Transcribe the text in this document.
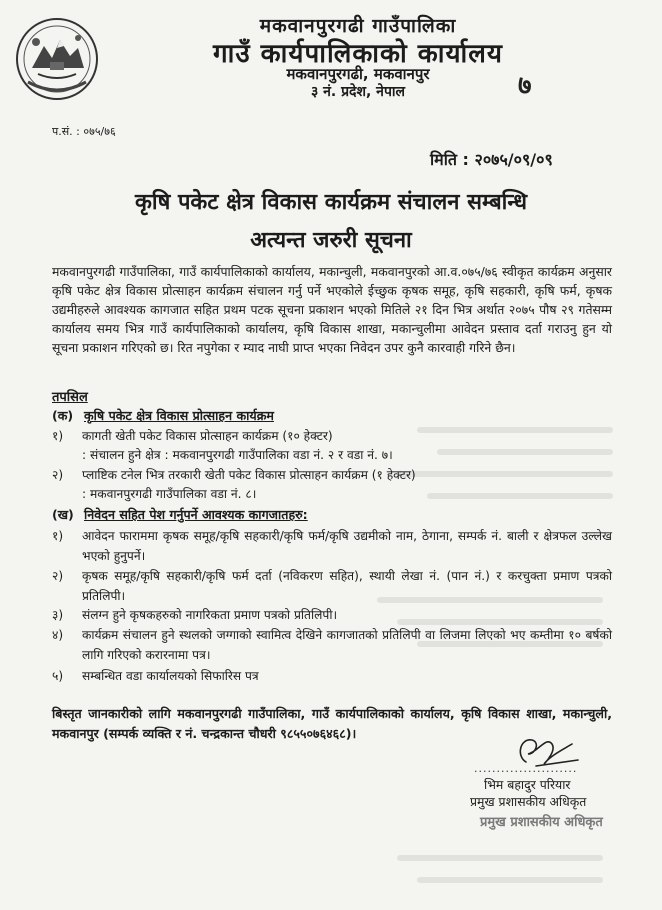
मकवानपुरगढी गाउँपालिका
गाउँ कार्यपालिकाको कार्यालय
मकवानपुरगढी, मकवानपुर
३ नं. प्रदेश, नेपाल	७
प.सं. : ०७५/७६
मिति : २०७५/०९/०९
कृषि पकेट क्षेत्र विकास कार्यक्रम संचालन सम्बन्धि
अत्यन्त जरुरी सूचना
मकवानपुरगढी गाउँपालिका, गाउँ कार्यपालिकाको कार्यालय, मकान्चुली, मकवानपुरको आ.व.०७५/७६ स्वीकृत कार्यक्रम अनुसार कृषि पकेट क्षेत्र विकास प्रोत्साहन कार्यक्रम संचालन गर्नु पर्ने भएकोले ईच्छुक कृषक समूह, कृषि सहकारी, कृषि फर्म, कृषक उद्यमीहरुले आवश्यक कागजात सहित प्रथम पटक सूचना प्रकाशन भएको मितिले २१ दिन भित्र अर्थात २०७५ पौष २९ गतेसम्म कार्यालय समय भित्र गाउँ कार्यपालिकाको कार्यालय, कृषि विकास शाखा, मकान्चुलीमा आवेदन प्रस्ताव दर्ता गराउनु हुन यो सूचना प्रकाशन गरिएको छ। रित नपुगेका र म्याद नाघी प्राप्त भएका निवेदन उपर कुनै कारवाही गरिने छैन।
तपसिल
(क) कृषि पकेट क्षेत्र विकास प्रोत्साहन कार्यक्रम
१) कागती खेती पकेट विकास प्रोत्साहन कार्यक्रम (१० हेक्टर)
: संचालन हुने क्षेत्र : मकवानपुरगढी गाउँपालिका वडा नं. २ र वडा नं. ७।
२) प्लाष्टिक टनेल भित्र तरकारी खेती पकेट विकास प्रोत्साहन कार्यक्रम (१ हेक्टर)
: मकवानपुरगढी गाउँपालिका वडा नं. ८।
(ख) निवेदन सहित पेश गर्नुपर्ने आवश्यक कागजातहरु:
१) आवेदन फाराममा कृषक समूह/कृषि सहकारी/कृषि फर्म/कृषि उद्यमीको नाम, ठेगाना, सम्पर्क नं. बाली र क्षेत्रफल उल्लेख भएको हुनुपर्ने।
२) कृषक समूह/कृषि सहकारी/कृषि फर्म दर्ता (नविकरण सहित), स्थायी लेखा नं. (पान नं.) र करचुक्ता प्रमाण पत्रको प्रतिलिपी।
३) संलग्न हुने कृषकहरुको नागरिकता प्रमाण पत्रको प्रतिलिपी।
४) कार्यक्रम संचालन हुने स्थलको जग्गाको स्वामित्व देखिने कागजातको प्रतिलिपी वा लिजमा लिएको भए कम्तीमा १० बर्षको लागि गरिएको करारनामा पत्र।
५) सम्बन्धित वडा कार्यालयको सिफारिस पत्र
बिस्तृत जानकारीको लागि मकवानपुरगढी गाउँपालिका, गाउँ कार्यपालिकाको कार्यालय, कृषि विकास शाखा, मकान्चुली, मकवानपुर (सम्पर्क व्यक्ति र नं. चन्द्रकान्त चौधरी ९८५५०७६४६८)।
.......................
भिम बहादुर परियार
प्रमुख प्रशासकीय अधिकृत
प्रमुख प्रशासकीय अधिकृत
